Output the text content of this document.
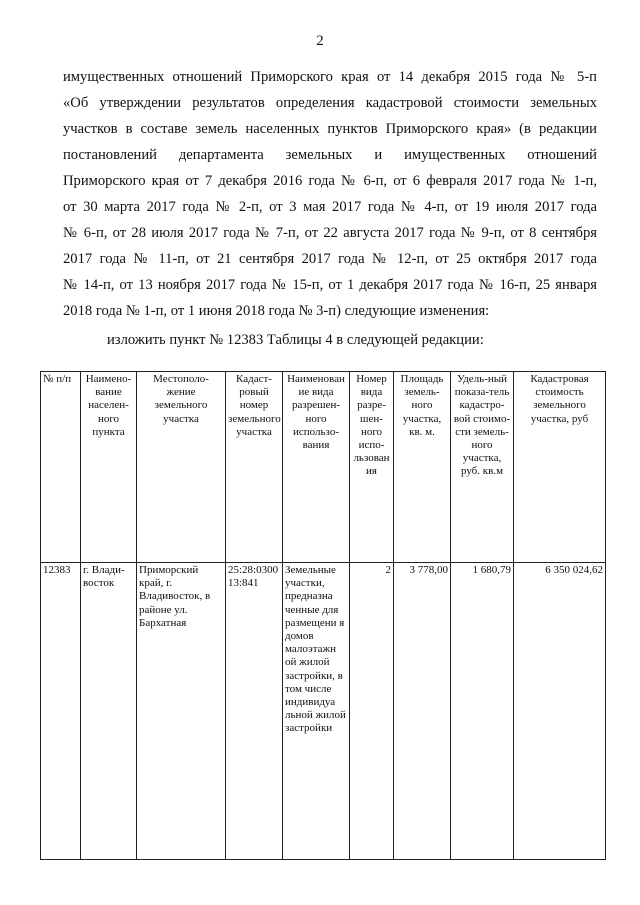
2

имущественных отношений Приморского края от 14 декабря 2015 года № 5-п

«Об утверждении результатов определения кадастровой стоимости земельных

участков в составе земель населенных пунктов Приморского края» (в редакции

постановлений департамента земельных и имущественных отношений

Приморского края от 7 декабря 2016 года № 6-п, от 6 февраля 2017 года № 1-п,

от 30 марта 2017 года № 2-п, от 3 мая 2017 года № 4-п, от 19 июля 2017 года

№ 6-п, от 28 июля 2017 года № 7-п, от 22 августа 2017 года № 9-п, от 8 сентября

2017 года № 11-п, от 21 сентября 2017 года № 12-п, от 25 октября 2017 года

№ 14-п, от 13 ноября 2017 года № 15-п, от 1 декабря 2017 года № 16-п, 25 января

2018 года № 1-п, от 1 июня 2018 года № 3-п) следующие изменения:

изложить пункт № 12383 Таблицы 4 в следующей редакции:
№ п/п	Наимено-вание населен-ного пункта	Местополо-жение земельного участка	Кадаст-ровый номер земельного участка	Наименован ие вида разрешен-ного использо-вания	Номер вида разре-шен-ного испо-льзован ия	Площадь земель-ного участка, кв. м.	Удель-ный показа-тель кадастро-вой стоимо-сти земель-ного участка, руб. кв.м	Кадастровая стоимость земельного участка, руб
12383	г. Влади-восток	Приморский край, г. Владивосток, в районе ул. Бархатная	25:28:0300 13:841	Земельные участки, предназна ченные для размещени я домов малоэтажн ой жилой застройки, в том числе индивидуа льной жилой застройки	2	3 778,00	1 680,79	6 350 024,62
